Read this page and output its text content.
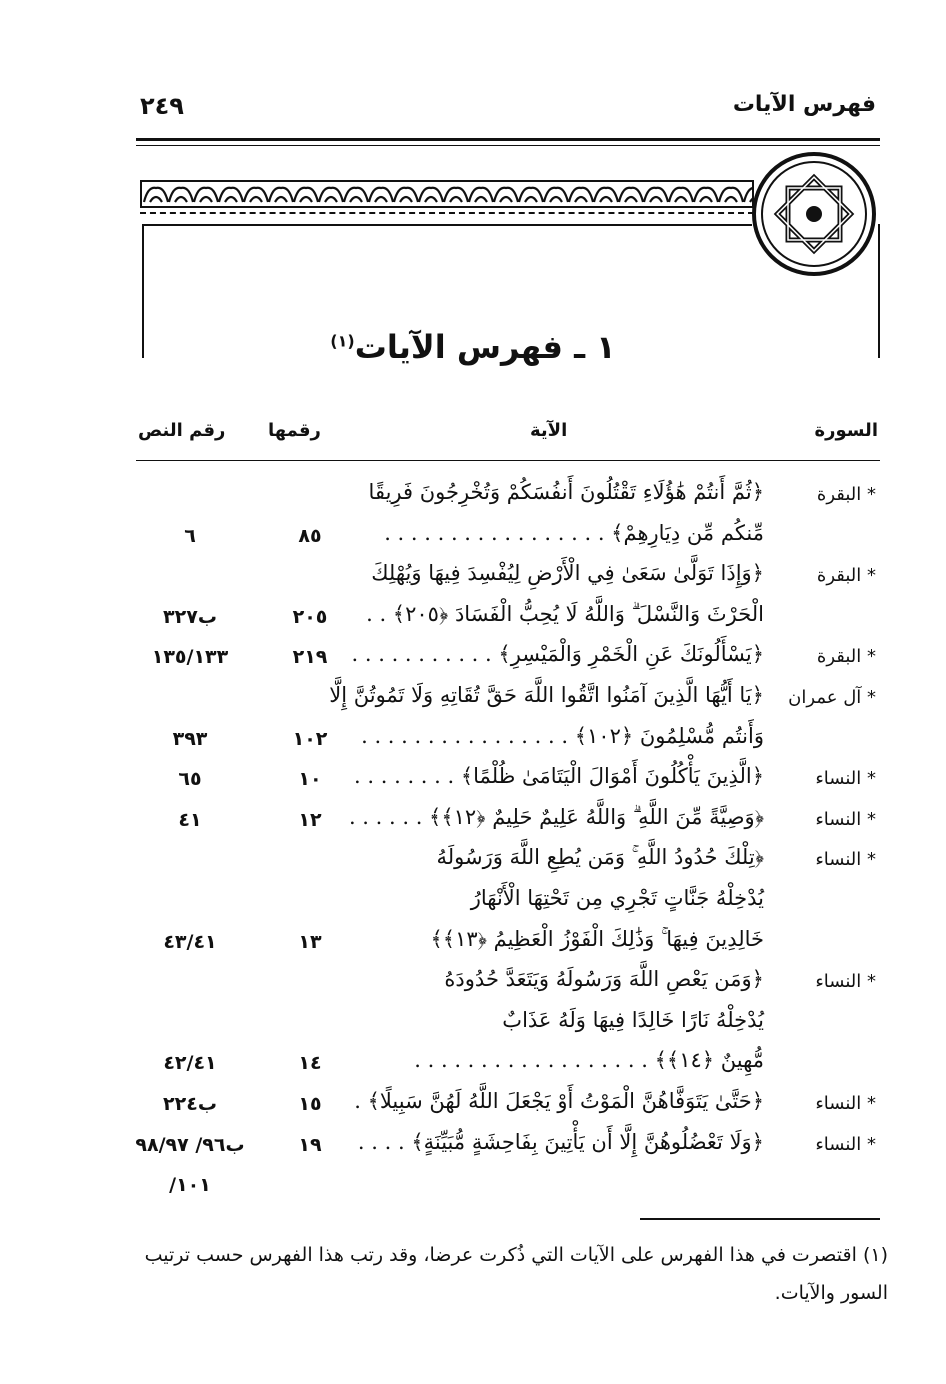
فهرس الآيات
٢٤٩
١ ـ فهرس الآيات$^{(١)}$
السورة
الآية
رقمها
رقم النص
* البقرة
﴿ثُمَّ أَنتُمْ هَٰؤُلَاءِ تَقْتُلُونَ أَنفُسَكُمْ وَتُخْرِجُونَ فَرِيقًا
مِّنكُم مِّن دِيَارِهِمْ﴾ . . . . . . . . . . . . . . . . .
٨٥
٦
* البقرة
﴿وَإِذَا تَوَلَّىٰ سَعَىٰ فِي الْأَرْضِ لِيُفْسِدَ فِيهَا وَيُهْلِكَ
الْحَرْثَ وَالنَّسْلَ ۗ وَاللَّهُ لَا يُحِبُّ الْفَسَادَ ﴿٢٠٥﴾ . .
٢٠٥
ب٣٢٧
* البقرة
﴿يَسْأَلُونَكَ عَنِ الْخَمْرِ وَالْمَيْسِرِ﴾ . . . . . . . . . . .
٢١٩
١٣٥/١٣٣
* آل عمران
﴿يَا أَيُّهَا الَّذِينَ آمَنُوا اتَّقُوا اللَّهَ حَقَّ تُقَاتِهِ وَلَا تَمُوتُنَّ إِلَّا
وَأَنتُم مُّسْلِمُونَ ﴿١٠٢﴾ . . . . . . . . . . . . . . . .
١٠٢
٣٩٣
* النساء
﴿الَّذِينَ يَأْكُلُونَ أَمْوَالَ الْيَتَامَىٰ ظُلْمًا﴾ . . . . . . . .
١٠
٦٥
* النساء
﴿وَصِيَّةً مِّنَ اللَّهِ ۗ وَاللَّهُ عَلِيمٌ حَلِيمٌ ﴿١٢﴾﴾ . . . . . .
١٢
٤١
* النساء
﴿تِلْكَ حُدُودُ اللَّهِ ۚ وَمَن يُطِعِ اللَّهَ وَرَسُولَهُ
يُدْخِلْهُ جَنَّاتٍ تَجْرِي مِن تَحْتِهَا الْأَنْهَارُ
خَالِدِينَ فِيهَا ۚ وَذَٰلِكَ الْفَوْزُ الْعَظِيمُ ﴿١٣﴾﴾
١٣
٤٣/٤١
* النساء
﴿وَمَن يَعْصِ اللَّهَ وَرَسُولَهُ وَيَتَعَدَّ حُدُودَهُ
يُدْخِلْهُ نَارًا خَالِدًا فِيهَا وَلَهُ عَذَابٌ
مُّهِينٌ ﴿١٤﴾﴾ . . . . . . . . . . . . . . . . . .
١٤
٤٢/٤١
* النساء
﴿حَتَّىٰ يَتَوَفَّاهُنَّ الْمَوْتُ أَوْ يَجْعَلَ اللَّهُ لَهُنَّ سَبِيلًا﴾ .
١٥
ب٢٢٤
* النساء
﴿وَلَا تَعْضُلُوهُنَّ إِلَّا أَن يَأْتِينَ بِفَاحِشَةٍ مُّبَيِّنَةٍ﴾ . . . .
١٩
ب٩٦/ ٩٨/٩٧
١٠١/
(١) اقتصرت في هذا الفهرس على الآيات التي ذُكرت عرضا، وقد رتب هذا الفهرس حسب ترتيب السور والآيات.
